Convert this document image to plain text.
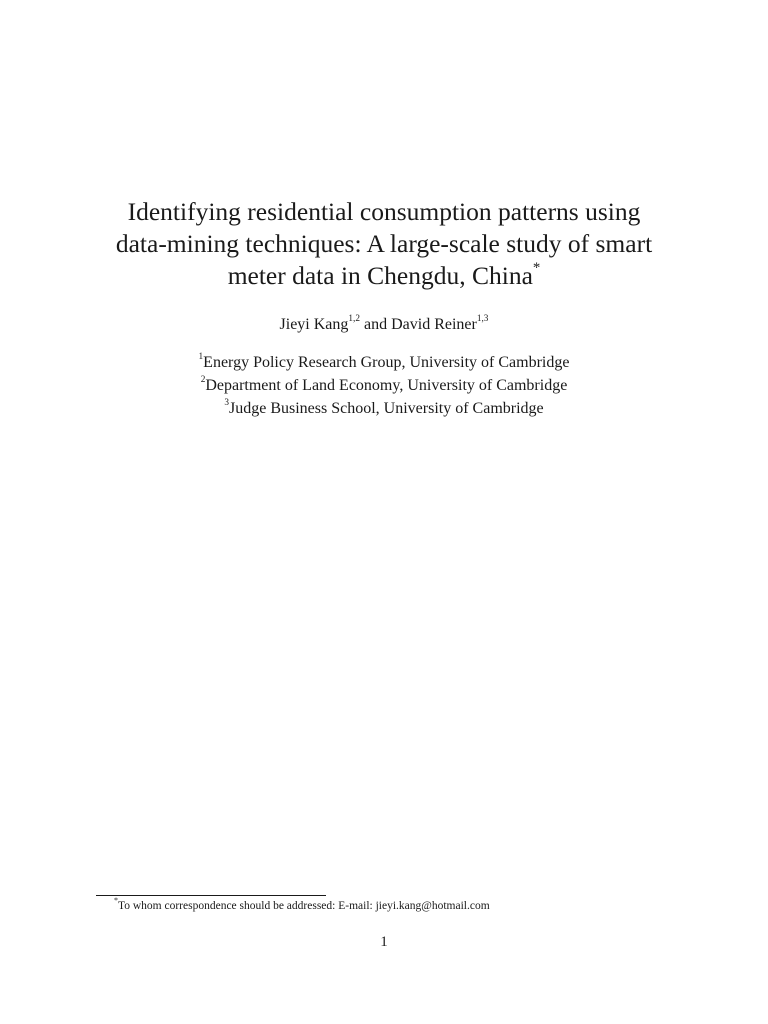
Identifying residential consumption patterns using
data-mining techniques: A large-scale study of smart
meter data in Chengdu, China*
Jieyi Kang$^{1,2}$ and David Reiner$^{1,3}$
$^1$Energy Policy Research Group, University of Cambridge
$^2$Department of Land Economy, University of Cambridge
$^3$Judge Business School, University of Cambridge
*To whom correspondence should be addressed: E-mail: jieyi.kang@hotmail.com
1
